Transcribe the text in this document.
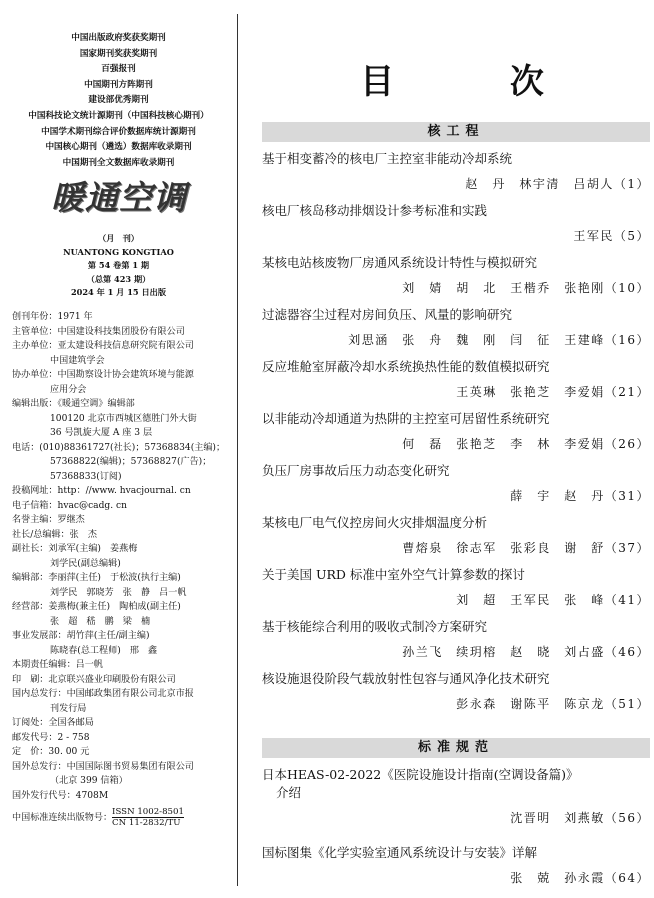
中国出版政府奖获奖期刊
国家期刊奖获奖期刊
百强报刊
中国期刊方阵期刊
建设部优秀期刊
中国科技论文统计源期刊（中国科技核心期刊）
中国学术期刊综合评价数据库统计源期刊
中国核心期刊（遴选）数据库收录期刊
中国期刊全文数据库收录期刊
暖通空调
（月　刊）
NUANTONG KONGTIAO
第 54 卷第 1 期
（总第 423 期）
2024 年 1 月 15 日出版
创刊年份：1971 年
主管单位：中国建设科技集团股份有限公司
主办单位：亚太建设科技信息研究院有限公司
中国建筑学会
协办单位：中国勘察设计协会建筑环境与能源
应用分会
编辑出版：《暖通空调》编辑部
100120 北京市西城区德胜门外大街
36 号凯旋大厦 A 座 3 层
电话：(010)88361727(社长)；57368834(主编)；
57368822(编辑)；57368827(广告)；
57368833(订阅)
投稿网址：http：//www. hvacjournal. cn
电子信箱：hvac@cadg. cn
名誉主编：罗继杰
社长/总编辑：张　杰
副社长：刘承军(主编)　姜燕梅
刘学民(副总编辑)
编辑部：李丽萍(主任)　于松波(执行主编)
刘学民　郭晓芳　张　静　吕一帆
经营部：姜燕梅(兼主任)　陶柏成(副主任)
张　超　嵇　鹏　梁　楠
事业发展部：胡竹萍(主任/副主编)
陈晓春(总工程师)　邢　鑫
本期责任编辑：吕一帆
印　刷：北京联兴盛业印刷股份有限公司
国内总发行：中国邮政集团有限公司北京市报
刊发行局
订阅处：全国各邮局
邮发代号：2 - 758
定　价：30. 00 元
国外总发行：中国国际图书贸易集团有限公司
（北京 399 信箱）
国外发行代号：4708M
中国标准连续出版物号：
ISSN 1002-8501
CN 11-2832/TU
目 次
核工程
基于相变蓄冷的核电厂主控室非能动冷却系统
赵　丹　林宇清　吕胡人（1）
核电厂核岛移动排烟设计参考标准和实践
王军民（5）
某核电站核废物厂房通风系统设计特性与模拟研究
刘　婧　胡　北　王楷乔　张艳刚（10）
过滤器容尘过程对房间负压、风量的影响研究
刘思涵　张　舟　魏　刚　闫　征　王建峰（16）
反应堆舱室屏蔽冷却水系统换热性能的数值模拟研究
王英琳　张艳芝　李爱娟（21）
以非能动冷却通道为热阱的主控室可居留性系统研究
何　磊　张艳芝　李　林　李爱娟（26）
负压厂房事故后压力动态变化研究
薛　宇　赵　丹（31）
某核电厂电气仪控房间火灾排烟温度分析
曹熔泉　徐志军　张彩良　谢　舒（37）
关于美国 URD 标准中室外空气计算参数的探讨
刘　超　王军民　张　峰（41）
基于核能综合利用的吸收式制冷方案研究
孙兰飞　续玥榕　赵　晓　刘占盛（46）
核设施退役阶段气载放射性包容与通风净化技术研究
彭永森　谢陈平　陈京龙（51）
标准规范
日本HEAS-02-2022《医院设施设计指南(空调设备篇)》
介绍
沈晋明　刘燕敏（56）
国标图集《化学实验室通风系统设计与安装》详解
张　兢　孙永霞（64）
